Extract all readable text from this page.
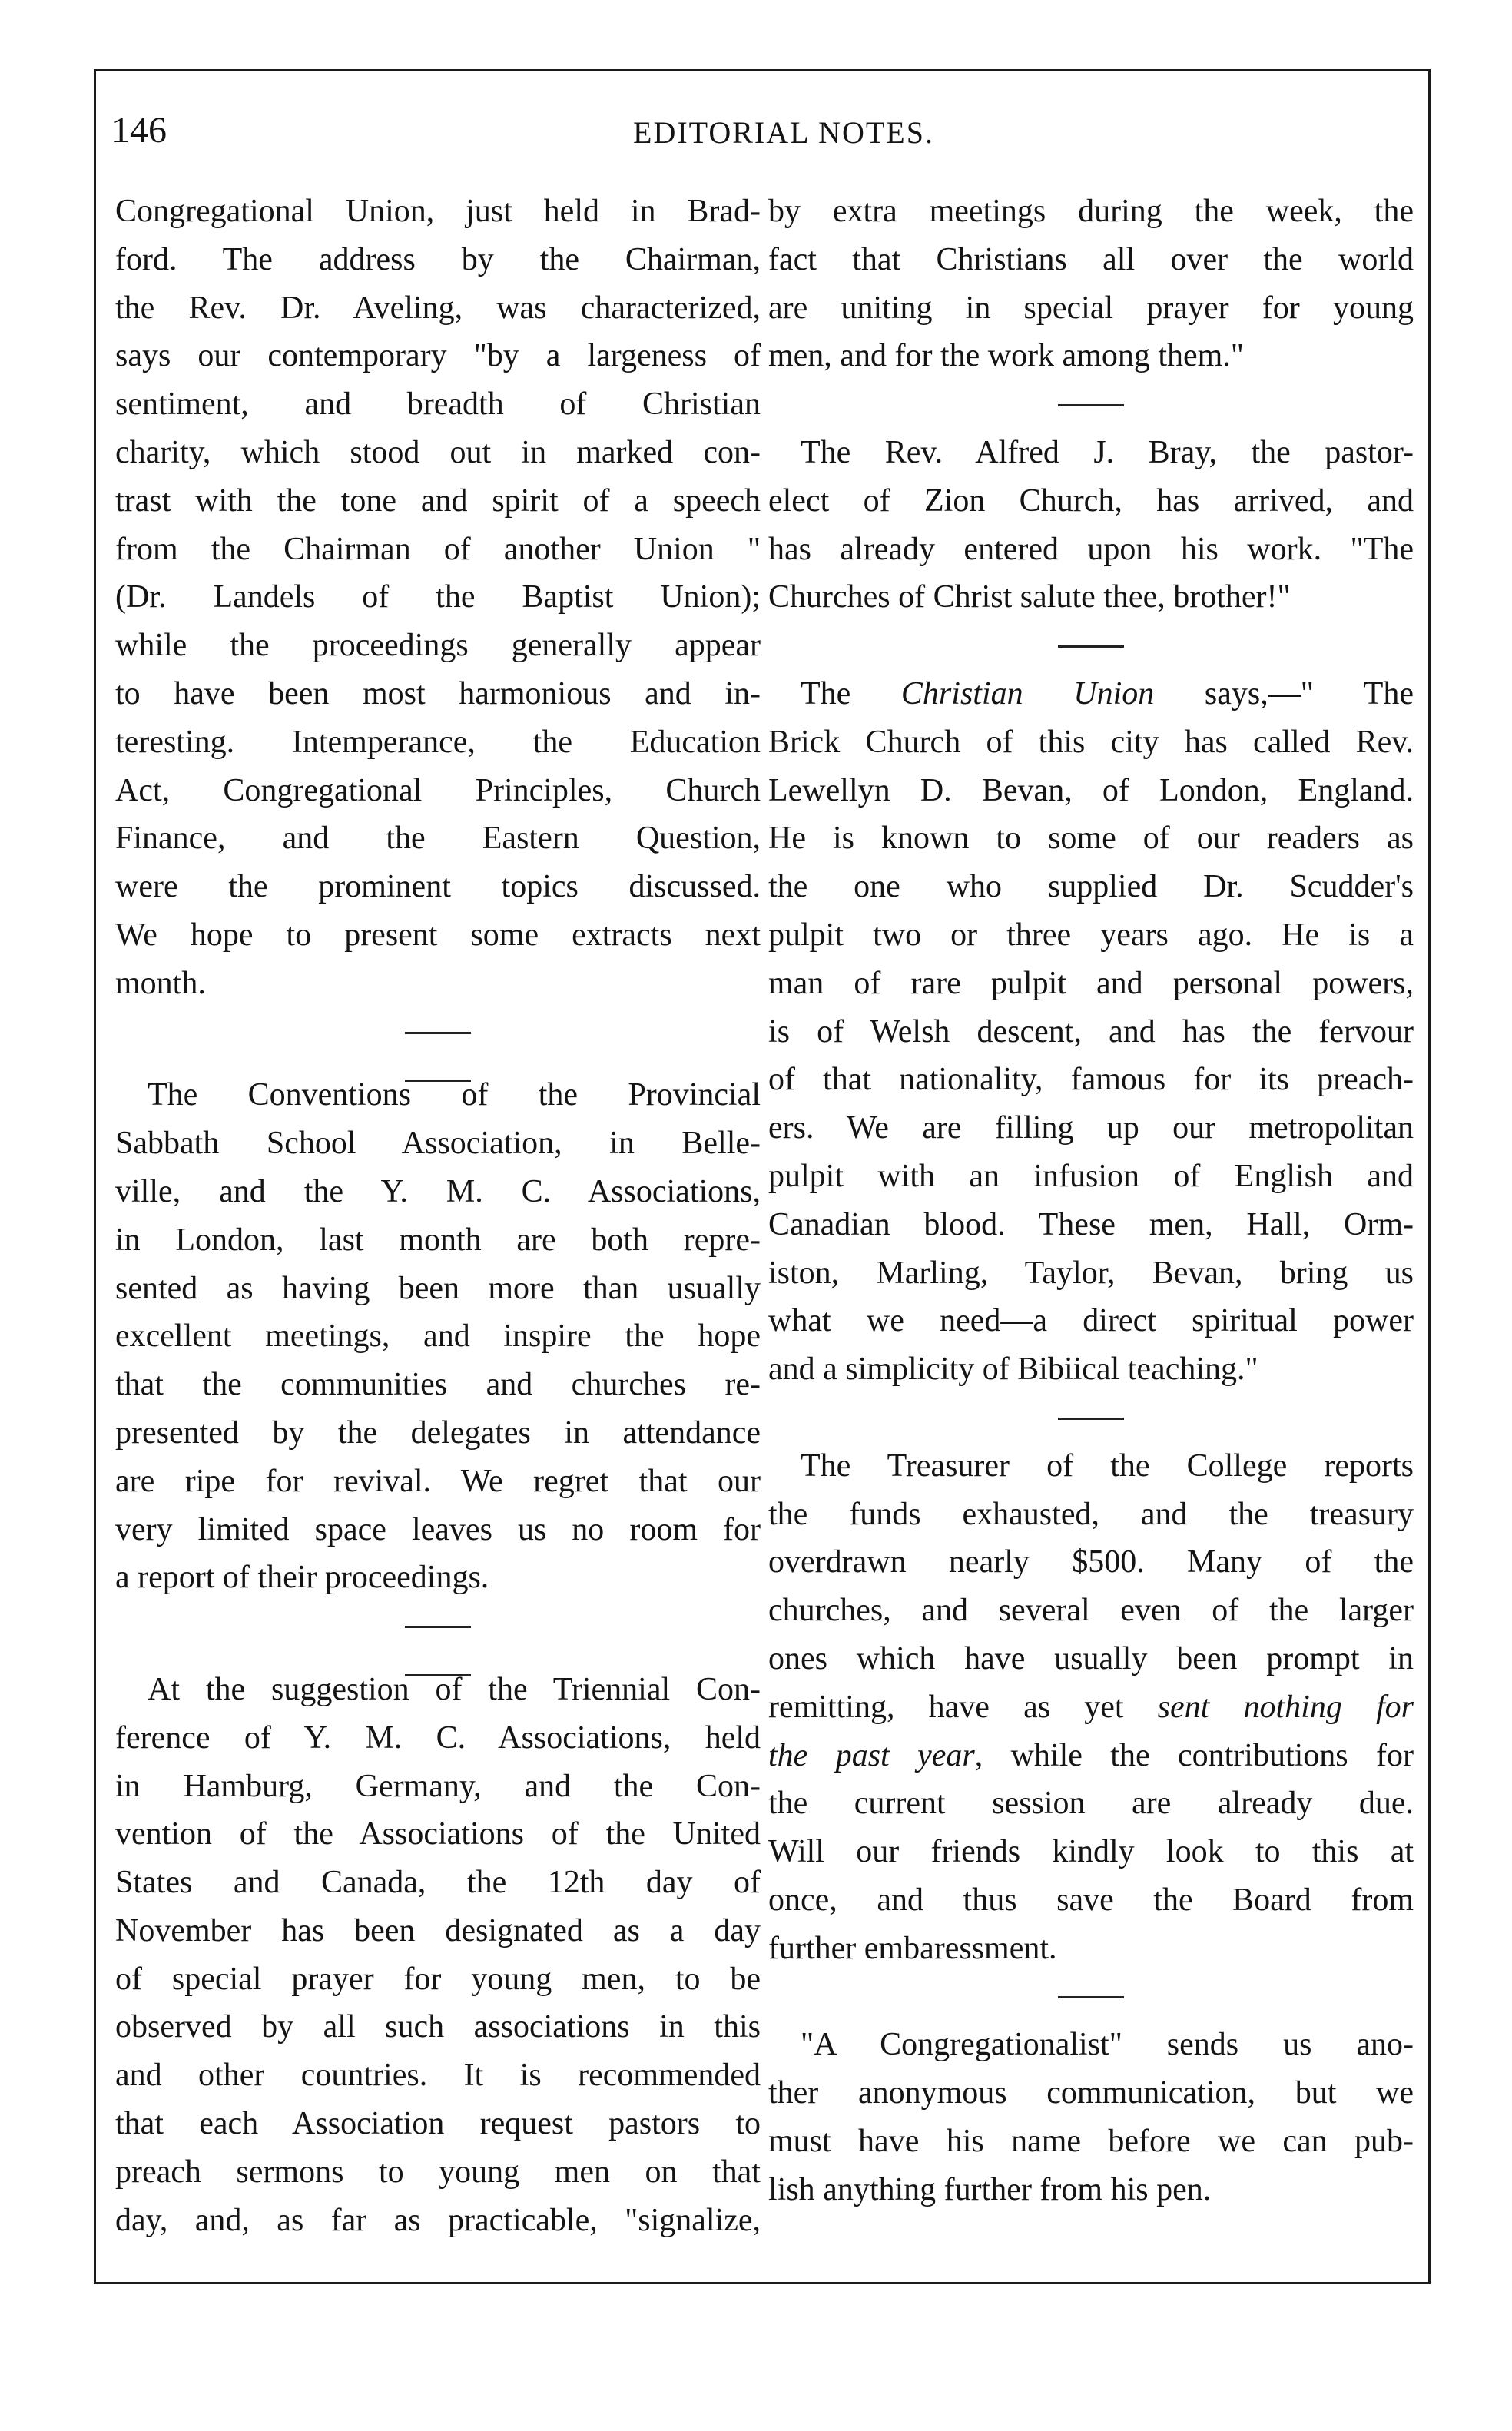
146	EDITORIAL NOTES.
Congregational Union, just held in Brad-
ford. The address by the Chairman,
the Rev. Dr. Aveling, was characterized,
says our contemporary "by a largeness of
sentiment, and breadth of Christian
charity, which stood out in marked con-
trast with the tone and spirit of a speech
from the Chairman of another Union "
(Dr. Landels of the Baptist Union);
while the proceedings generally appear
to have been most harmonious and in-
teresting. Intemperance, the Education
Act, Congregational Principles, Church
Finance, and the Eastern Question,
were the prominent topics discussed.
We hope to present some extracts next
month.
The Conventions of the Provincial
Sabbath School Association, in Belle-
ville, and the Y. M. C. Associations,
in London, last month are both repre-
sented as having been more than usually
excellent meetings, and inspire the hope
that the communities and churches re-
presented by the delegates in attendance
are ripe for revival. We regret that our
very limited space leaves us no room for
a report of their proceedings.
At the suggestion of the Triennial Con-
ference of Y. M. C. Associations, held
in Hamburg, Germany, and the Con-
vention of the Associations of the United
States and Canada, the 12th day of
November has been designated as a day
of special prayer for young men, to be
observed by all such associations in this
and other countries. It is recommended
that each Association request pastors to
preach sermons to young men on that
day, and, as far as practicable, "signalize,
by extra meetings during the week, the
fact that Christians all over the world
are uniting in special prayer for young
men, and for the work among them."
The Rev. Alfred J. Bray, the pastor-
elect of Zion Church, has arrived, and
has already entered upon his work. "The
Churches of Christ salute thee, brother!"
The Christian Union says,—" The
Brick Church of this city has called Rev.
Lewellyn D. Bevan, of London, England.
He is known to some of our readers as
the one who supplied Dr. Scudder's
pulpit two or three years ago. He is a
man of rare pulpit and personal powers,
is of Welsh descent, and has the fervour
of that nationality, famous for its preach-
ers. We are filling up our metropolitan
pulpit with an infusion of English and
Canadian blood. These men, Hall, Orm-
iston, Marling, Taylor, Bevan, bring us
what we need—a direct spiritual power
and a simplicity of Bibiical teaching."
The Treasurer of the College reports
the funds exhausted, and the treasury
overdrawn nearly $500. Many of the
churches, and several even of the larger
ones which have usually been prompt in
remitting, have as yet sent nothing for
the past year, while the contributions for
the current session are already due.
Will our friends kindly look to this at
once, and thus save the Board from
further embaressment.
"A Congregationalist" sends us ano-
ther anonymous communication, but we
must have his name before we can pub-
lish anything further from his pen.
